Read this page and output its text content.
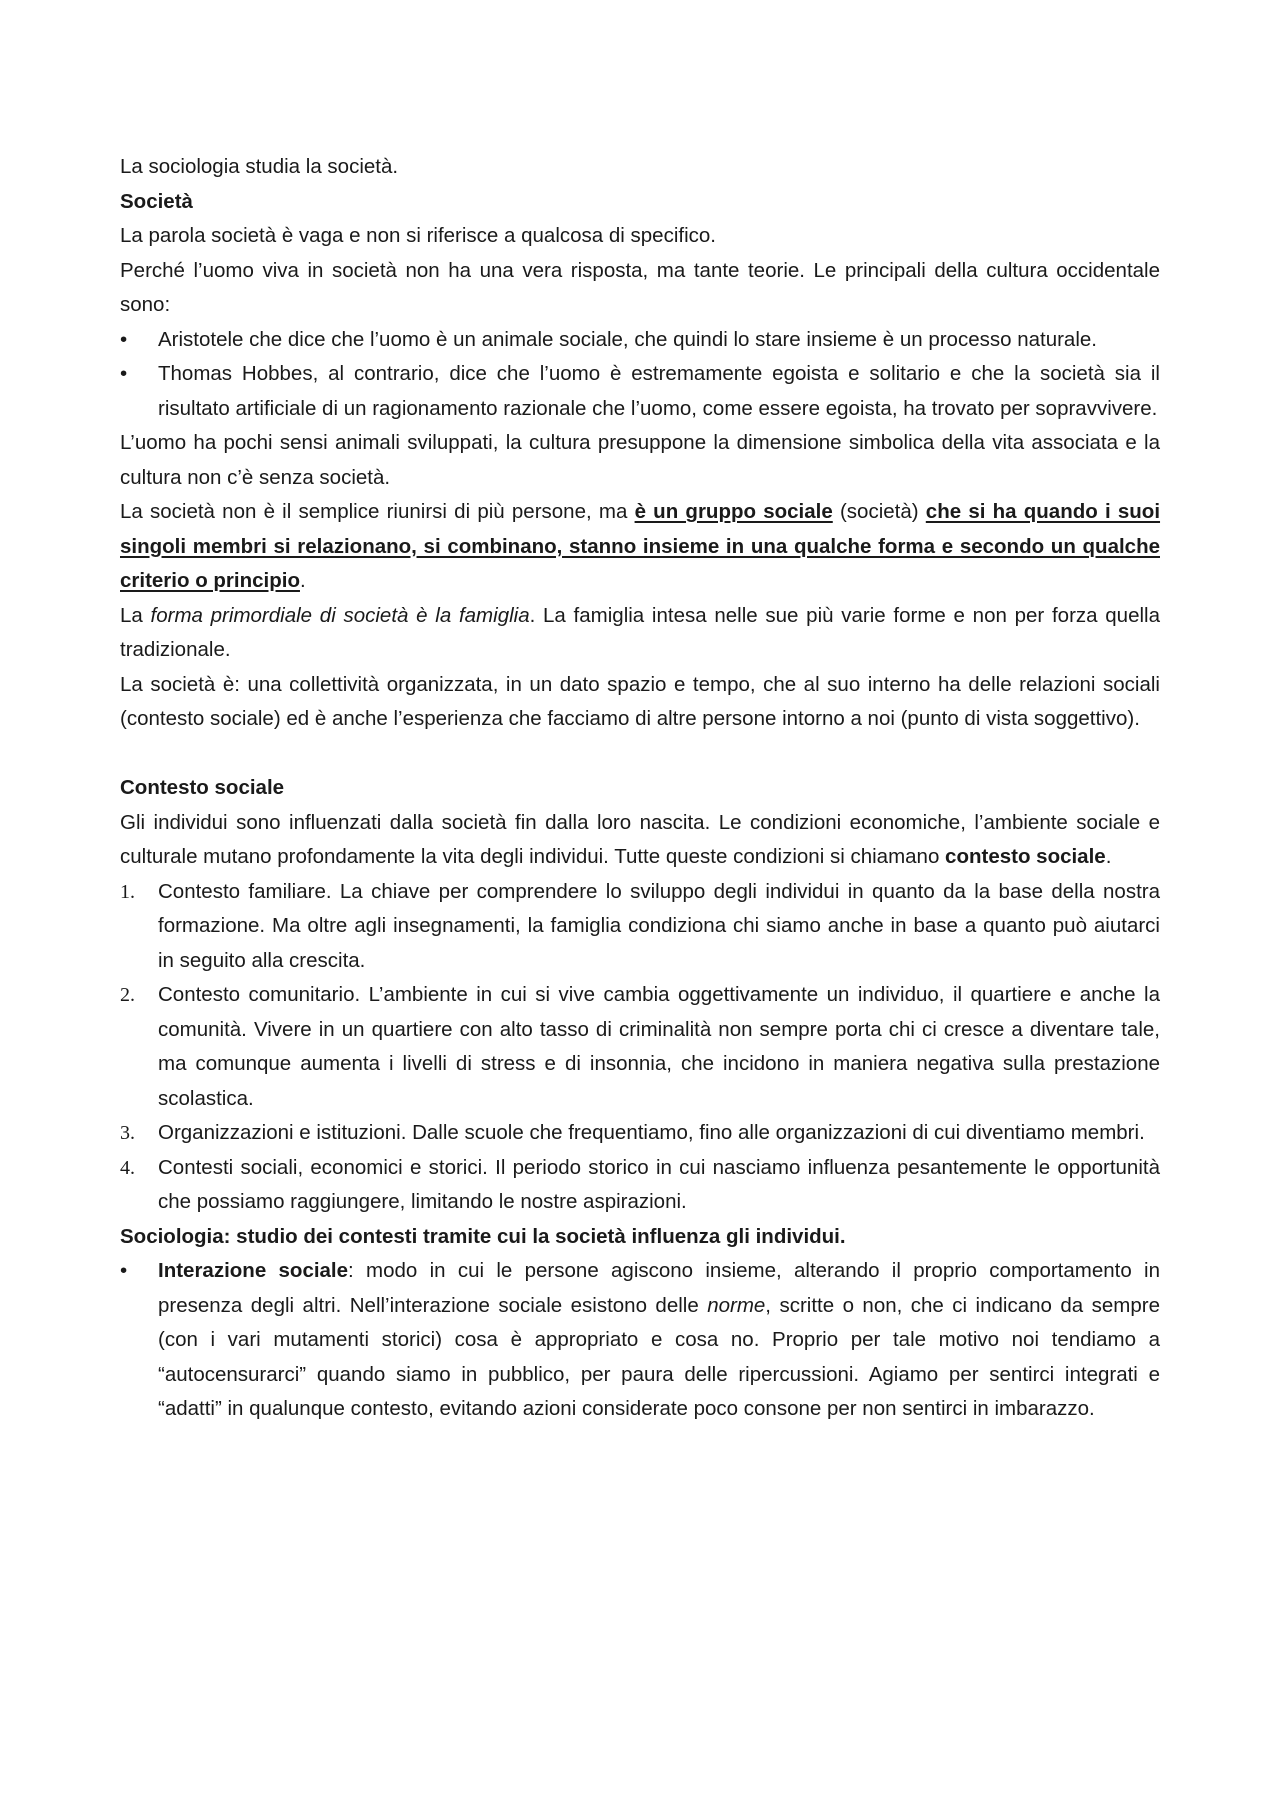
La sociologia studia la società.

Società

La parola società è vaga e non si riferisce a qualcosa di specifico.

Perché l’uomo viva in società non ha una vera risposta, ma tante teorie. Le principali della cultura occidentale sono:

• Aristotele che dice che l’uomo è un animale sociale, che quindi lo stare insieme è un processo naturale.
• Thomas Hobbes, al contrario, dice che l’uomo è estremamente egoista e solitario e che la società sia il risultato artificiale di un ragionamento razionale che l’uomo, come essere egoista, ha trovato per sopravvivere.

L’uomo ha pochi sensi animali sviluppati, la cultura presuppone la dimensione simbolica della vita associata e la cultura non c’è senza società.

La società non è il semplice riunirsi di più persone, ma è un gruppo sociale (società) che si ha quando i suoi singoli membri si relazionano, si combinano, stanno insieme in una qualche forma e secondo un qualche criterio o principio.

La forma primordiale di società è la famiglia. La famiglia intesa nelle sue più varie forme e non per forza quella tradizionale.

La società è: una collettività organizzata, in un dato spazio e tempo, che al suo interno ha delle relazioni sociali (contesto sociale) ed è anche l’esperienza che facciamo di altre persone intorno a noi (punto di vista soggettivo).

Contesto sociale

Gli individui sono influenzati dalla società fin dalla loro nascita. Le condizioni economiche, l’ambiente sociale e culturale mutano profondamente la vita degli individui. Tutte queste condizioni si chiamano contesto sociale.

1. Contesto familiare. La chiave per comprendere lo sviluppo degli individui in quanto da la base della nostra formazione. Ma oltre agli insegnamenti, la famiglia condiziona chi siamo anche in base a quanto può aiutarci in seguito alla crescita.
2. Contesto comunitario. L’ambiente in cui si vive cambia oggettivamente un individuo, il quartiere e anche la comunità. Vivere in un quartiere con alto tasso di criminalità non sempre porta chi ci cresce a diventare tale, ma comunque aumenta i livelli di stress e di insonnia, che incidono in maniera negativa sulla prestazione scolastica.
3. Organizzazioni e istituzioni. Dalle scuole che frequentiamo, fino alle organizzazioni di cui diventiamo membri.
4. Contesti sociali, economici e storici. Il periodo storico in cui nasciamo influenza pesantemente le opportunità che possiamo raggiungere, limitando le nostre aspirazioni.

Sociologia: studio dei contesti tramite cui la società influenza gli individui.

• Interazione sociale: modo in cui le persone agiscono insieme, alterando il proprio comportamento in presenza degli altri. Nell’interazione sociale esistono delle norme, scritte o non, che ci indicano da sempre (con i vari mutamenti storici) cosa è appropriato e cosa no. Proprio per tale motivo noi tendiamo a “autocensurarci” quando siamo in pubblico, per paura delle ripercussioni. Agiamo per sentirci integrati e “adatti” in qualunque contesto, evitando azioni considerate poco consone per non sentirci in imbarazzo.
